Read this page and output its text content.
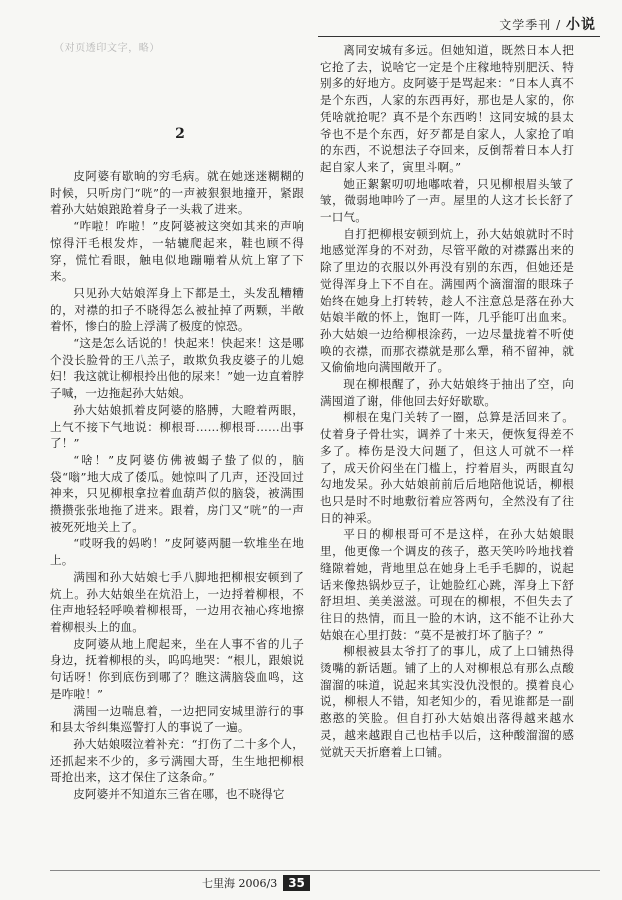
文学季刊 / 小说
（对页透印文字，略）
2

皮阿婆有歇晌的穷毛病。就在她迷迷糊糊的时候，只听房门“咣”的一声被狠狠地撞开，紧跟着孙大姑娘踉跄着身子一头栽了进来。

“咋啦！咋啦！”皮阿婆被这突如其来的声响惊得汗毛根发炸，一轱辘爬起来，鞋也顾不得穿，慌忙看眼，触电似地蹦嘣着从炕上窜了下来。

只见孙大姑娘浑身上下都是土，头发乱糟糟的，对襟的扣子不晓得怎么被扯掉了两颗，半敞着怀，惨白的脸上浮满了极度的惊恐。

“这是怎么话说的！快起来！快起来！这是哪个没长脸骨的王八羔子，敢欺负我皮婆子的儿媳妇！我这就让柳根拎出他的尿来！”她一边直着脖子喊，一边拖起孙大姑娘。

孙大姑娘抓着皮阿婆的胳膊，大瞪着两眼，上气不接下气地说：柳根哥……柳根哥……出事了！”

“啥！”皮阿婆仿佛被蝎子蛰了似的，脑袋“嗡”地大成了倭瓜。她惊叫了几声，还没回过神来，只见柳根拿拉着血葫芦似的脑袋，被满围攒攒张张地拖了进来。跟着，房门又“咣”的一声被死死地关上了。

“哎呀我的妈哟！”皮阿婆两腿一软堆坐在地上。

满囤和孙大姑娘七手八脚地把柳根安顿到了炕上。孙大姑娘坐在炕沿上，一边捋着柳根，不住声地轻轻呼唤着柳根哥，一边用衣袖心疼地擦着柳根头上的血。

皮阿婆从地上爬起来，坐在人事不省的儿子身边，抚着柳根的头，呜呜地哭：“根儿，跟娘说句话呀！你到底伤到哪了？瞧这满脑袋血鸣，这是咋啦！”

满囤一边喘息着，一边把同安城里游行的事和县太爷纠集巡警打人的事说了一遍。

孙大姑娘啜泣着补充：“打伤了二十多个人，还抓起来不少的，多亏满囤大哥，生生地把柳根哥抢出来，这才保住了这条命。”

皮阿婆并不知道东三省在哪，也不晓得它

离同安城有多远。但她知道，既然日本人把它抢了去，说啥它一定是个庄稼地特别肥沃、特别多的好地方。皮阿婆于是骂起来：“日本人真不是个东西，人家的东西再好，那也是人家的，你凭啥就抢呢？真不是个东西哟！这同安城的县太爷也不是个东西，好歹都是自家人，人家抢了咱的东西，不说想法子夺回来，反倒帮着日本人打起自家人来了，寅里斗啊。”

她正絮絮叨叨地嘟哝着，只见柳根眉头皱了皱，微弱地呻吟了一声。屋里的人这才长长舒了一口气。

自打把柳根安顿到炕上，孙大姑娘就时不时地感觉浑身的不对劲，尽管平敞的对襟露出来的除了里边的衣服以外再没有别的东西，但她还是觉得浑身上下不自在。满囤两个滴溜溜的眼珠子始终在她身上打转转，趁人不注意总是落在孙大姑娘半敞的怀上，饱盯一阵，几乎能叮出血来。孙大姑娘一边给柳根涂药，一边尽量拢着不听使唤的衣襟，而那衣襟就是那么犟，稍不留神，就又偷偷地向满囤敞开了。

现在柳根醒了，孙大姑娘终于抽出了空，向满囤道了谢，俳他回去好好歇歇。

柳根在鬼门关转了一圈，总算是活回来了。仗着身子骨壮实，调养了十来天，便恢复得差不多了。棒伤是没大问题了，但这人可就不一样了，成天价闷坐在门槛上，拧着眉头，两眼直勾勾地发呆。孙大姑娘前前后后地陪他说话，柳根也只是时不时地敷衍着应答两句，全然没有了往日的神采。

平日的柳根哥可不是这样，在孙大姑娘眼里，他更像一个调皮的孩子，憨天笑吟吟地找着缝隙着她，背地里总在她身上毛手毛脚的，说起话来像热锅炒豆子，让她脸红心跳，浑身上下舒舒坦坦、美美滋滋。可现在的柳根，不但失去了往日的热情，而且一脸的木讷，这不能不让孙大姑娘在心里打鼓：“莫不是被打坏了脑子？”

柳根被县太爷打了的事儿，成了上口铺热得烫嘴的新话题。铺了上的人对柳根总有那么点酸溜溜的味道，说起来其实没仇没恨的。摸着良心说，柳根人不错，知老知少的，看见谁都是一副憨憨的笑脸。但自打孙大姑娘出落得越来越水灵，越来越跟自己也枯手以后，这种酸溜溜的感觉就天天折磨着上口铺。

七里海 2006/3 35
